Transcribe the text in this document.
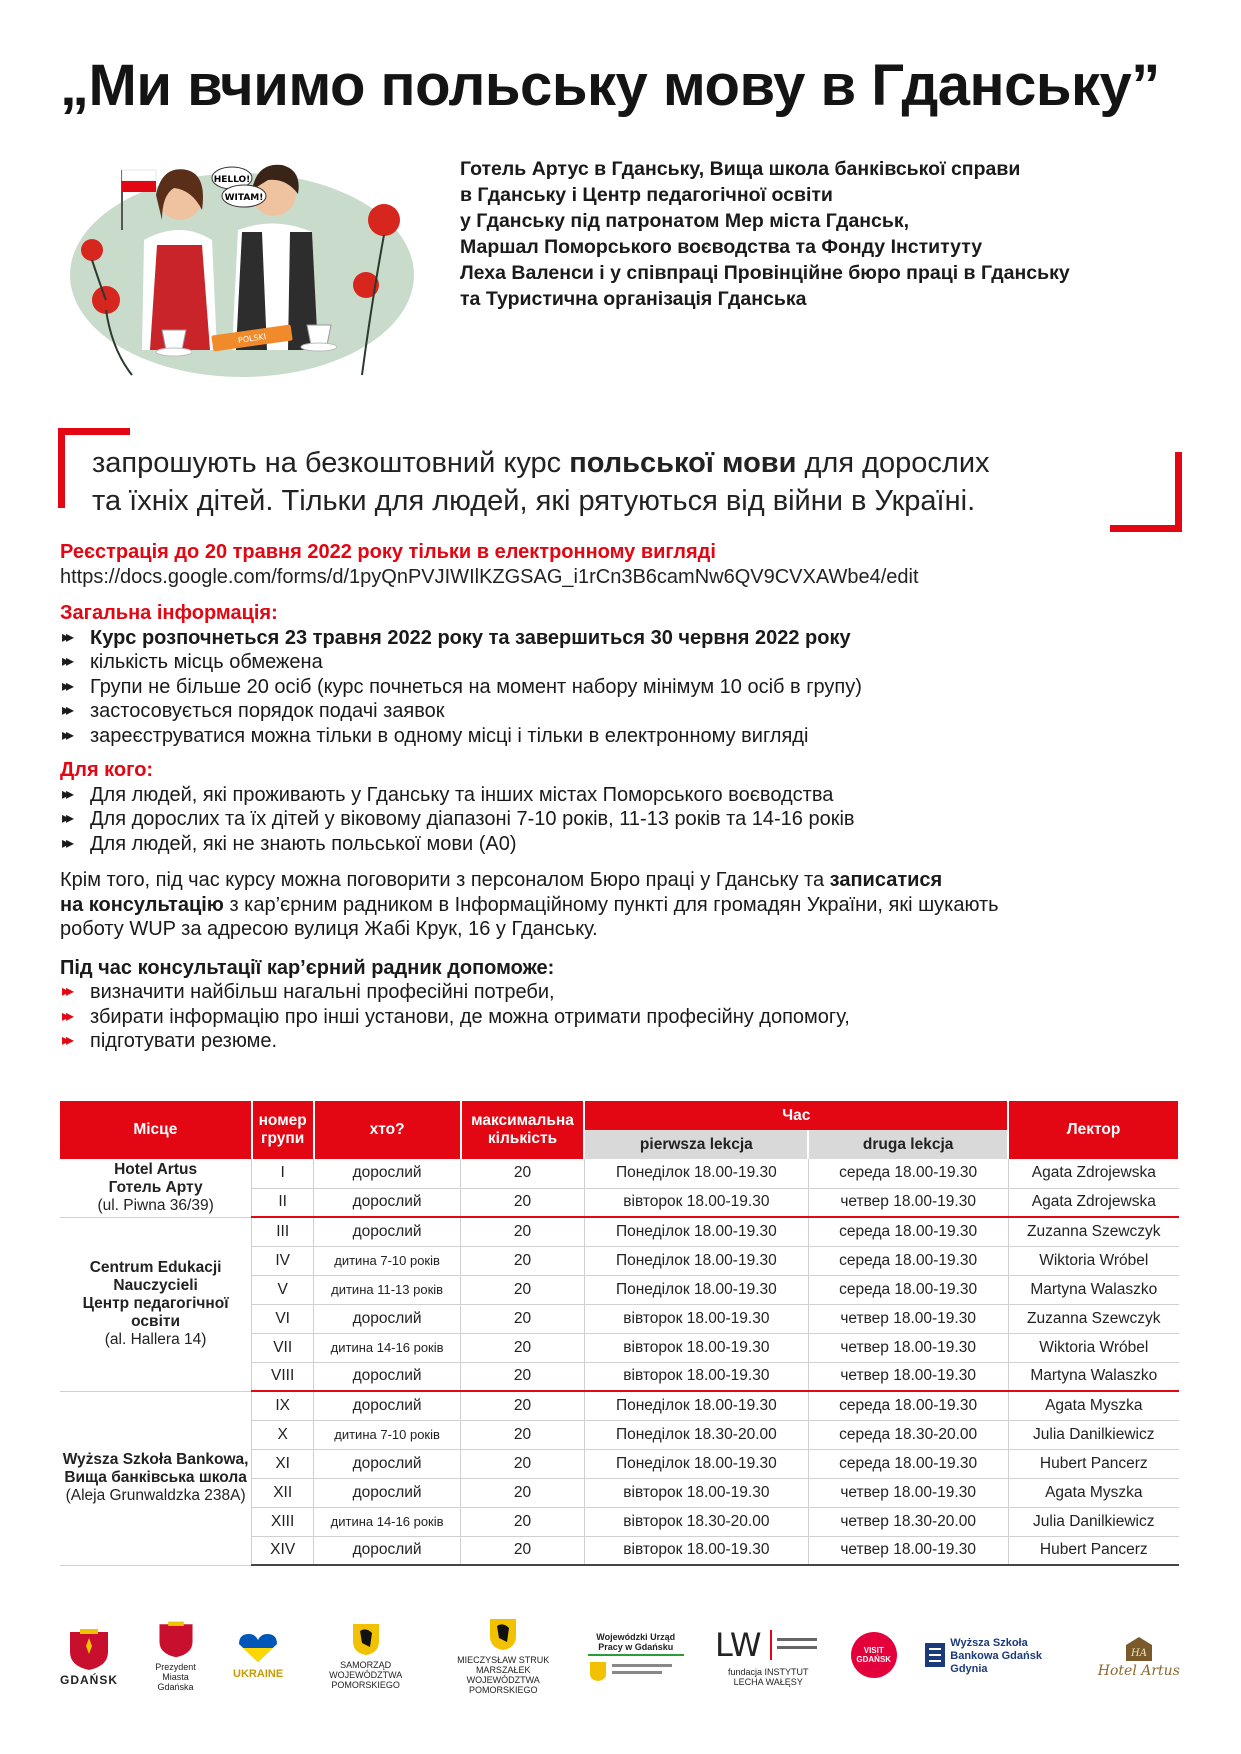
„Ми вчимо польську мову в Гданську”
HELLO!
WITAM!
POLSKI
Готель Артус в Гданську, Вища школа банківської справи
в Гданську і Центр педагогічної освіти
у Гданську під патронатом Мер міста Гданськ,
Маршал Поморського воєводства та Фонду Інституту
Леха Валенси і у співпраці Провінційне бюро праці в Гданську
та Туристична організація Гданська
запрошують на безкоштовний курс польської мови для дорослих
та їхніх дітей. Тільки для людей, які рятуються від війни в Україні.
Реєстрація до 20 травня 2022 року тільки в електронному вигляді
https://docs.google.com/forms/d/1pyQnPVJIWIlKZGSAG_i1rCn3B6camNw6QV9CVXAWbe4/edit
Загальна інформація:
▸▸ Курс розпочнеться 23 травня 2022 року та завершиться 30 червня 2022 року
▸▸ кількість місць обмежена
▸▸ Групи не більше 20 осіб (курс почнеться на момент набору мінімум 10 осіб в групу)
▸▸ застосовується порядок подачі заявок
▸▸ зареєструватися можна тільки в одному місці і тільки в електронному вигляді
Для кого:
▸▸ Для людей, які проживають у Гданську та інших містах Поморського воєводства
▸▸ Для дорослих та їх дітей у віковому діапазоні 7-10 років, 11-13 років та 14-16 років
▸▸ Для людей, які не знають польської мови (A0)
Крім того, під час курсу можна поговорити з персоналом Бюро праці у Гданську та записатися
на консультацію з кар’єрним радником в Інформаційному пункті для громадян України, які шукають
роботу WUP за адресою вулиця Жабі Крук, 16 у Гданську.
Під час консультації кар’єрний радник допоможе:
▸▸ визначити найбільш нагальні професійні потреби,
▸▸ збирати інформацію про інші установи, де можна отримати професійну допомогу,
▸▸ підготувати резюме.
Місце	номер групи	хто?	максимальна кількість	Час		Лектор
				pierwsza lekcja	druga lekcja	
Hotel Artus
Готель Арту
(ul. Piwna 36/39)	I	дорослий	20	Понеділок 18.00-19.30	середа 18.00-19.30	Agata Zdrojewska
	II	дорослий	20	вівторок 18.00-19.30	четвер 18.00-19.30	Agata Zdrojewska
Centrum Edukacji Nauczycieli
Центр педагогічної освіти
(al. Hallera 14)	III	дорослий	20	Понеділок 18.00-19.30	середа 18.00-19.30	Zuzanna Szewczyk
	IV	дитина 7-10 років	20	Понеділок 18.00-19.30	середа 18.00-19.30	Wiktoria Wróbel
	V	дитина 11-13 років	20	Понеділок 18.00-19.30	середа 18.00-19.30	Martyna Walaszko
	VI	дорослий	20	вівторок 18.00-19.30	четвер 18.00-19.30	Zuzanna Szewczyk
	VII	дитина 14-16 років	20	вівторок 18.00-19.30	четвер 18.00-19.30	Wiktoria Wróbel
	VIII	дорослий	20	вівторок 18.00-19.30	четвер 18.00-19.30	Martyna Walaszko
Wyższa Szkoła Bankowa,
Вища банківська школа
(Aleja Grunwaldzka 238A)	IX	дорослий	20	Понеділок 18.00-19.30	середа 18.00-19.30	Agata Myszka
	X	дитина 7-10 років	20	Понеділок 18.30-20.00	середа 18.30-20.00	Julia Danilkiewicz
	XI	дорослий	20	Понеділок 18.00-19.30	середа 18.00-19.30	Hubert Pancerz
	XII	дорослий	20	вівторок 18.00-19.30	четвер 18.00-19.30	Agata Myszka
	XIII	дитина 14-16 років	20	вівторок 18.30-20.00	четвер 18.30-20.00	Julia Danilkiewicz
	XIV	дорослий	20	вівторок 18.00-19.30	четвер 18.00-19.30	Hubert Pancerz
GDAŃSK
Prezydent Miasta Gdańska
UKRAINE
SAMORZĄD WOJEWÓDZTWA POMORSKIEGO
MIECZYSŁAW STRUK MARSZAŁEK WOJEWÓDZTWA POMORSKIEGO
Wojewódzki Urząd Pracy w Gdańsku	LW
fundacja INSTYTUT LECHA WAŁĘSY
VISIT GDAŃSK
Wyższa Szkoła Bankowa Gdańsk Gdynia
HA
Hotel Artus
